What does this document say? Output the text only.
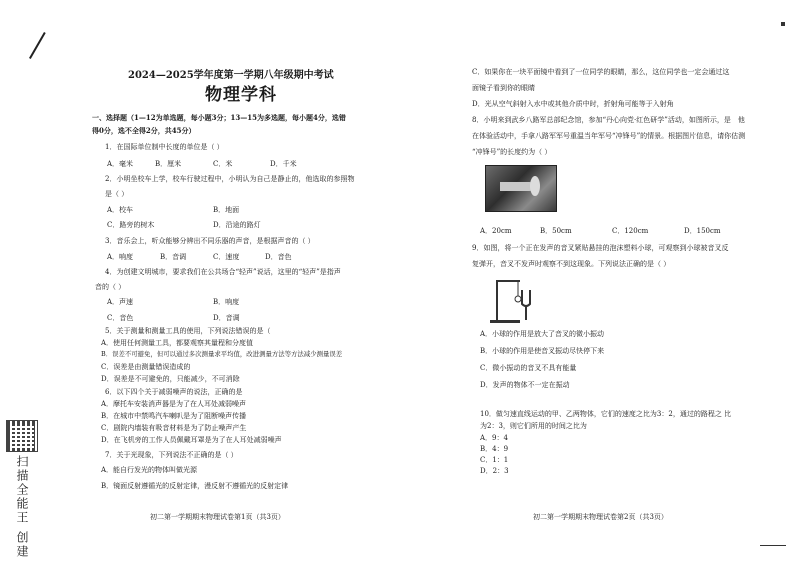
扫描全能王 创建
2024—2025学年度第一学期八年级期中考试
物理学科
一、选择题（1—12为单选题，每小题3分；13—15为多选题，每小题4分，选错
得0分，选不全得2分，共45分）
1．在国际单位制中长度的单位是（ ）
A．毫米	B．厘米	C．米	D．千米
2．小明坐校车上学，校车行驶过程中，小明认为自己是静止的，他选取的参照物
是（ ）
A．校车	B．地面
C．路旁的树木	D．沿途的路灯
3．音乐会上，听众能够分辨出不同乐器的声音，是根据声音的（ ）
A．响度	B．音调	C．速度	D．音色
4．为创建文明城市，要求我们在公共场合“轻声”说话，这里的“轻声”是指声
音的（ ）
A．声速	B．响度
C．音色	D．音调
5．关于测量和测量工具的使用，下列说法错误的是（
A．使用任何测量工具，都要观察其量程和分度值
B．误差不可避免，但可以通过多次测量求平均值，改进测量方法等方法减少测量误差
C．误差是由测量错误造成的
D．误差是不可避免的，只能减少，不可消除
6．以下四个关于减弱噪声的说法，正确的是
A．摩托车安装消声器是为了在人耳处减弱噪声
B．在城市中禁鸣汽车喇叭是为了阻断噪声传播
C．剧院内墙装有吸音材料是为了防止噪声产生
D．在飞机旁的工作人员佩戴耳罩是为了在人耳处减弱噪声
7．关于光现象，下列说法不正确的是（ ）
A．能自行发光的物体叫做光源
B．镜面反射遵循光的反射定律，漫反射不遵循光的反射定律
初二第一学期期末物理试卷第1页（共3页）
C．如果你在一块平面镜中看到了一位同学的眼睛，那么，这位同学也一定会通过这
面镜子看到你的眼睛
D．光从空气斜射入水中或其他介质中时，折射角可能等于入射角
8．小明来到武乡八路军总部纪念馆，参加“丹心向党·红色研学”活动，如图所示，是　他
在体验活动中，手拿八路军军号重温当年军号“冲锋号”的情景。根据图片信息，请你估测
“冲锋号”的长度约为（ ）
A．20cm	B．50cm	C．120cm	D．150cm
9．如图，将一个正在发声的音叉紧贴悬挂的泡沫塑料小球，可观察到小球被音叉反
复弹开，音叉不发声时观察不到这现象。下列说法正确的是（ ）
A．小球的作用是放大了音叉的微小振动
B．小球的作用是使音叉振动尽快停下来
C．微小振动的音叉不具有能量
D．发声的物体不一定在振动
10．做匀速直线运动的甲、乙两物体，它们的速度之比为3：2，通过的路程之 比
为2：3，则它们所用的时间之比为
A．9：4
B．4：9
C．1：1
D．2：3
初二第一学期期末物理试卷第2页（共3页）
